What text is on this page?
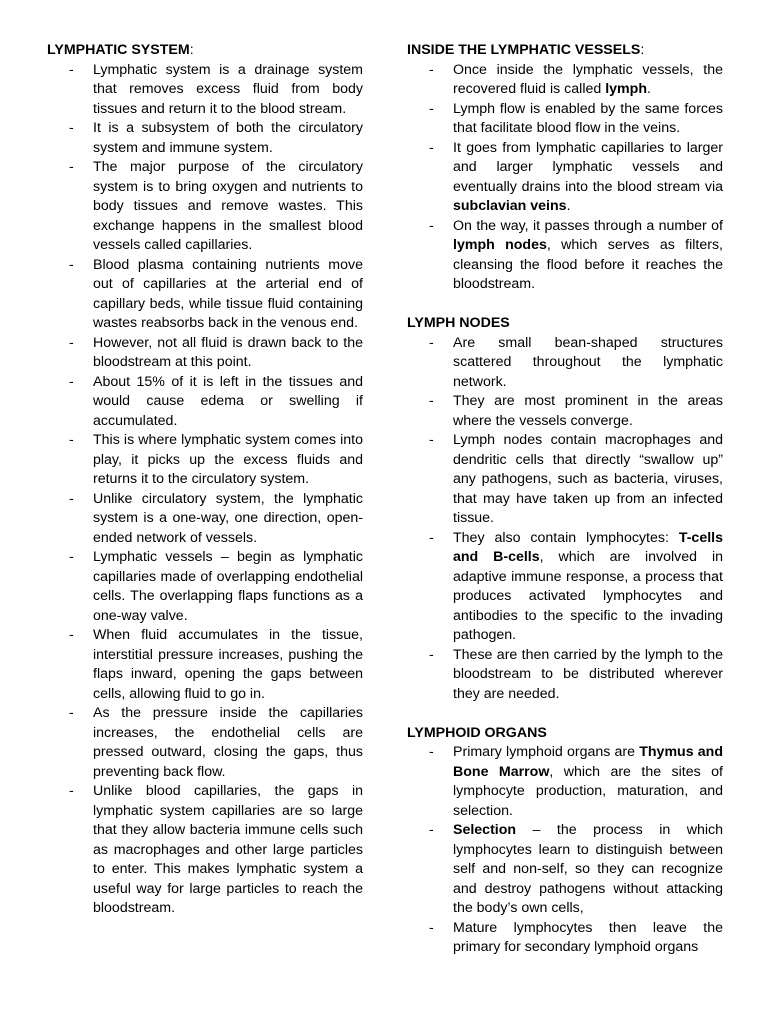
LYMPHATIC SYSTEM:

- Lymphatic system is a drainage system that removes excess fluid from body tissues and return it to the blood stream.
- It is a subsystem of both the circulatory system and immune system.
- The major purpose of the circulatory system is to bring oxygen and nutrients to body tissues and remove wastes. This exchange happens in the smallest blood vessels called capillaries.
- Blood plasma containing nutrients move out of capillaries at the arterial end of capillary beds, while tissue fluid containing wastes reabsorbs back in the venous end.
- However, not all fluid is drawn back to the bloodstream at this point.
- About 15% of it is left in the tissues and would cause edema or swelling if accumulated.
- This is where lymphatic system comes into play, it picks up the excess fluids and returns it to the circulatory system.
- Unlike circulatory system, the lymphatic system is a one-way, one direction, open-ended network of vessels.
- Lymphatic vessels – begin as lymphatic capillaries made of overlapping endothelial cells. The overlapping flaps functions as a one-way valve.
- When fluid accumulates in the tissue, interstitial pressure increases, pushing the flaps inward, opening the gaps between cells, allowing fluid to go in.
- As the pressure inside the capillaries increases, the endothelial cells are pressed outward, closing the gaps, thus preventing back flow.
- Unlike blood capillaries, the gaps in lymphatic system capillaries are so large that they allow bacteria immune cells such as macrophages and other large particles to enter. This makes lymphatic system a useful way for large particles to reach the bloodstream.

INSIDE THE LYMPHATIC VESSELS:

- Once inside the lymphatic vessels, the recovered fluid is called lymph.
- Lymph flow is enabled by the same forces that facilitate blood flow in the veins.
- It goes from lymphatic capillaries to larger and larger lymphatic vessels and eventually drains into the blood stream via subclavian veins.
- On the way, it passes through a number of lymph nodes, which serves as filters, cleansing the flood before it reaches the bloodstream.

LYMPH NODES

- Are small bean-shaped structures scattered throughout the lymphatic network.
- They are most prominent in the areas where the vessels converge.
- Lymph nodes contain macrophages and dendritic cells that directly “swallow up” any pathogens, such as bacteria, viruses, that may have taken up from an infected tissue.
- They also contain lymphocytes: T-cells and B-cells, which are involved in adaptive immune response, a process that produces activated lymphocytes and antibodies to the specific to the invading pathogen.
- These are then carried by the lymph to the bloodstream to be distributed wherever they are needed.

LYMPHOID ORGANS

- Primary lymphoid organs are Thymus and Bone Marrow, which are the sites of lymphocyte production, maturation, and selection.
- Selection – the process in which lymphocytes learn to distinguish between self and non-self, so they can recognize and destroy pathogens without attacking the body’s own cells,
- Mature lymphocytes then leave the primary for secondary lymphoid organs
